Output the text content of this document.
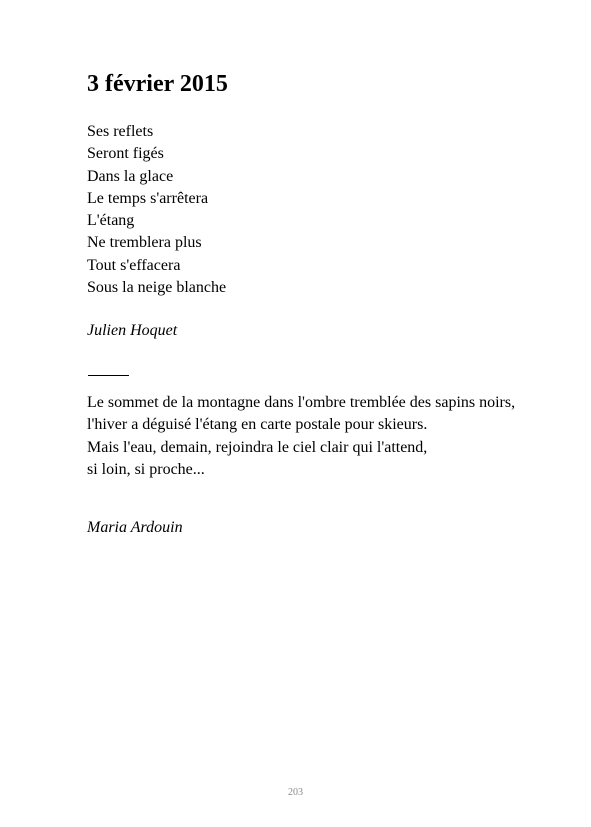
3 février 2015
Ses reflets
Seront figés
Dans la glace
Le temps s'arrêtera
L'étang
Ne tremblera plus
Tout s'effacera
Sous la neige blanche

Julien Hoquet

Le sommet de la montagne dans l'ombre tremblée des sapins noirs,
l'hiver a déguisé l'étang en carte postale pour skieurs.
Mais l'eau, demain, rejoindra le ciel clair qui l'attend,
si loin, si proche...

Maria Ardouin

203
